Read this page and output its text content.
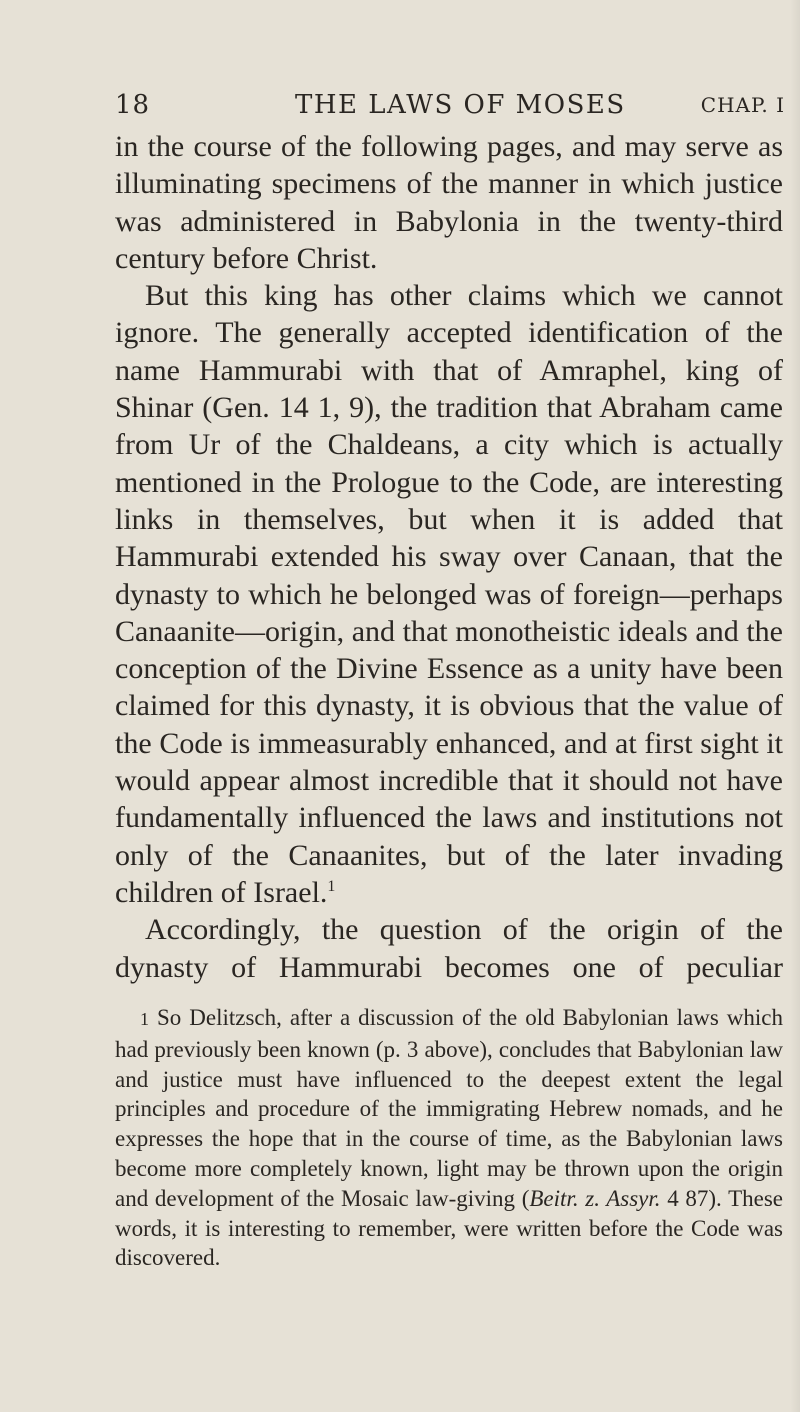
18	THE LAWS OF MOSES	CHAP. I

in the course of the following pages, and may serve as illuminating specimens of the manner in which justice was administered in Babylonia in the twenty-third century before Christ.

But this king has other claims which we cannot ignore. The generally accepted identification of the name Hammurabi with that of Amraphel, king of Shinar (Gen. 14 1, 9), the tradition that Abraham came from Ur of the Chaldeans, a city which is actually mentioned in the Prologue to the Code, are interesting links in themselves, but when it is added that Hammurabi extended his sway over Canaan, that the dynasty to which he belonged was of foreign—perhaps Canaanite—origin, and that monotheistic ideals and the conception of the Divine Essence as a unity have been claimed for this dynasty, it is obvious that the value of the Code is immeasurably enhanced, and at first sight it would appear almost incredible that it should not have fundamentally influenced the laws and institutions not only of the Canaanites, but of the later invading children of Israel.$^1$

Accordingly, the question of the origin of the dynasty of Hammurabi becomes one of peculiar

1 So Delitzsch, after a discussion of the old Babylonian laws which had previously been known (p. 3 above), concludes that Babylonian law and justice must have influenced to the deepest extent the legal principles and procedure of the immigrating Hebrew nomads, and he expresses the hope that in the course of time, as the Babylonian laws become more completely known, light may be thrown upon the origin and development of the Mosaic law-giving (Beitr. z. Assyr. 4 87). These words, it is interesting to remember, were written before the Code was discovered.
